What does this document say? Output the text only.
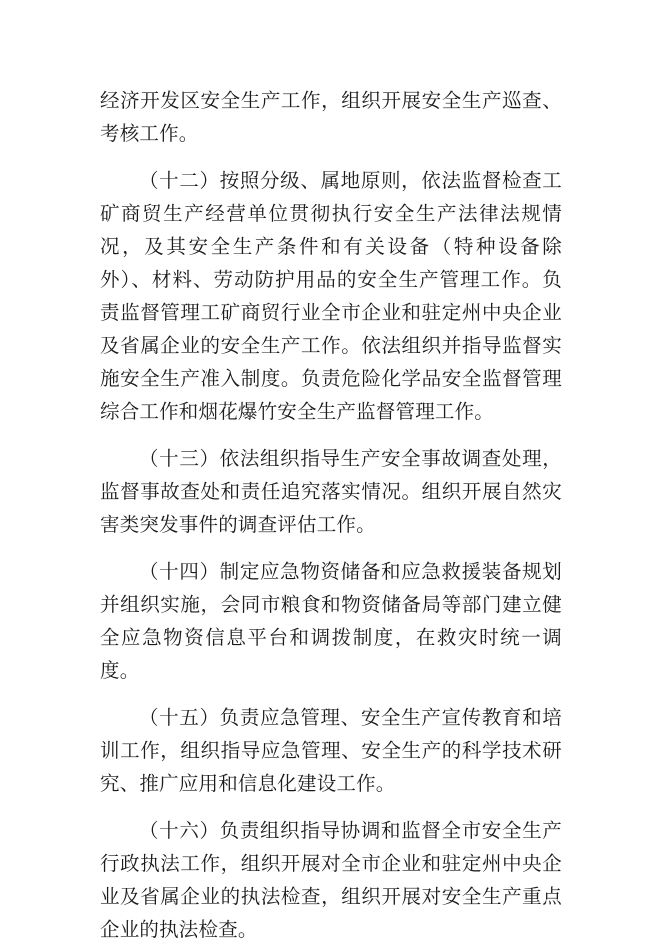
经济开发区安全生产工作，组织开展安全生产巡查、考核工作。

（十二）按照分级、属地原则，依法监督检查工矿商贸生产经营单位贯彻执行安全生产法律法规情况，及其安全生产条件和有关设备（特种设备除外）、材料、劳动防护用品的安全生产管理工作。负责监督管理工矿商贸行业全市企业和驻定州中央企业及省属企业的安全生产工作。依法组织并指导监督实施安全生产准入制度。负责危险化学品安全监督管理综合工作和烟花爆竹安全生产监督管理工作。

（十三）依法组织指导生产安全事故调查处理，监督事故查处和责任追究落实情况。组织开展自然灾害类突发事件的调查评估工作。

（十四）制定应急物资储备和应急救援装备规划并组织实施，会同市粮食和物资储备局等部门建立健全应急物资信息平台和调拨制度，在救灾时统一调度。

（十五）负责应急管理、安全生产宣传教育和培训工作，组织指导应急管理、安全生产的科学技术研究、推广应用和信息化建设工作。

（十六）负责组织指导协调和监督全市安全生产行政执法工作，组织开展对全市企业和驻定州中央企业及省属企业的执法检查，组织开展对安全生产重点企业的执法检查。
